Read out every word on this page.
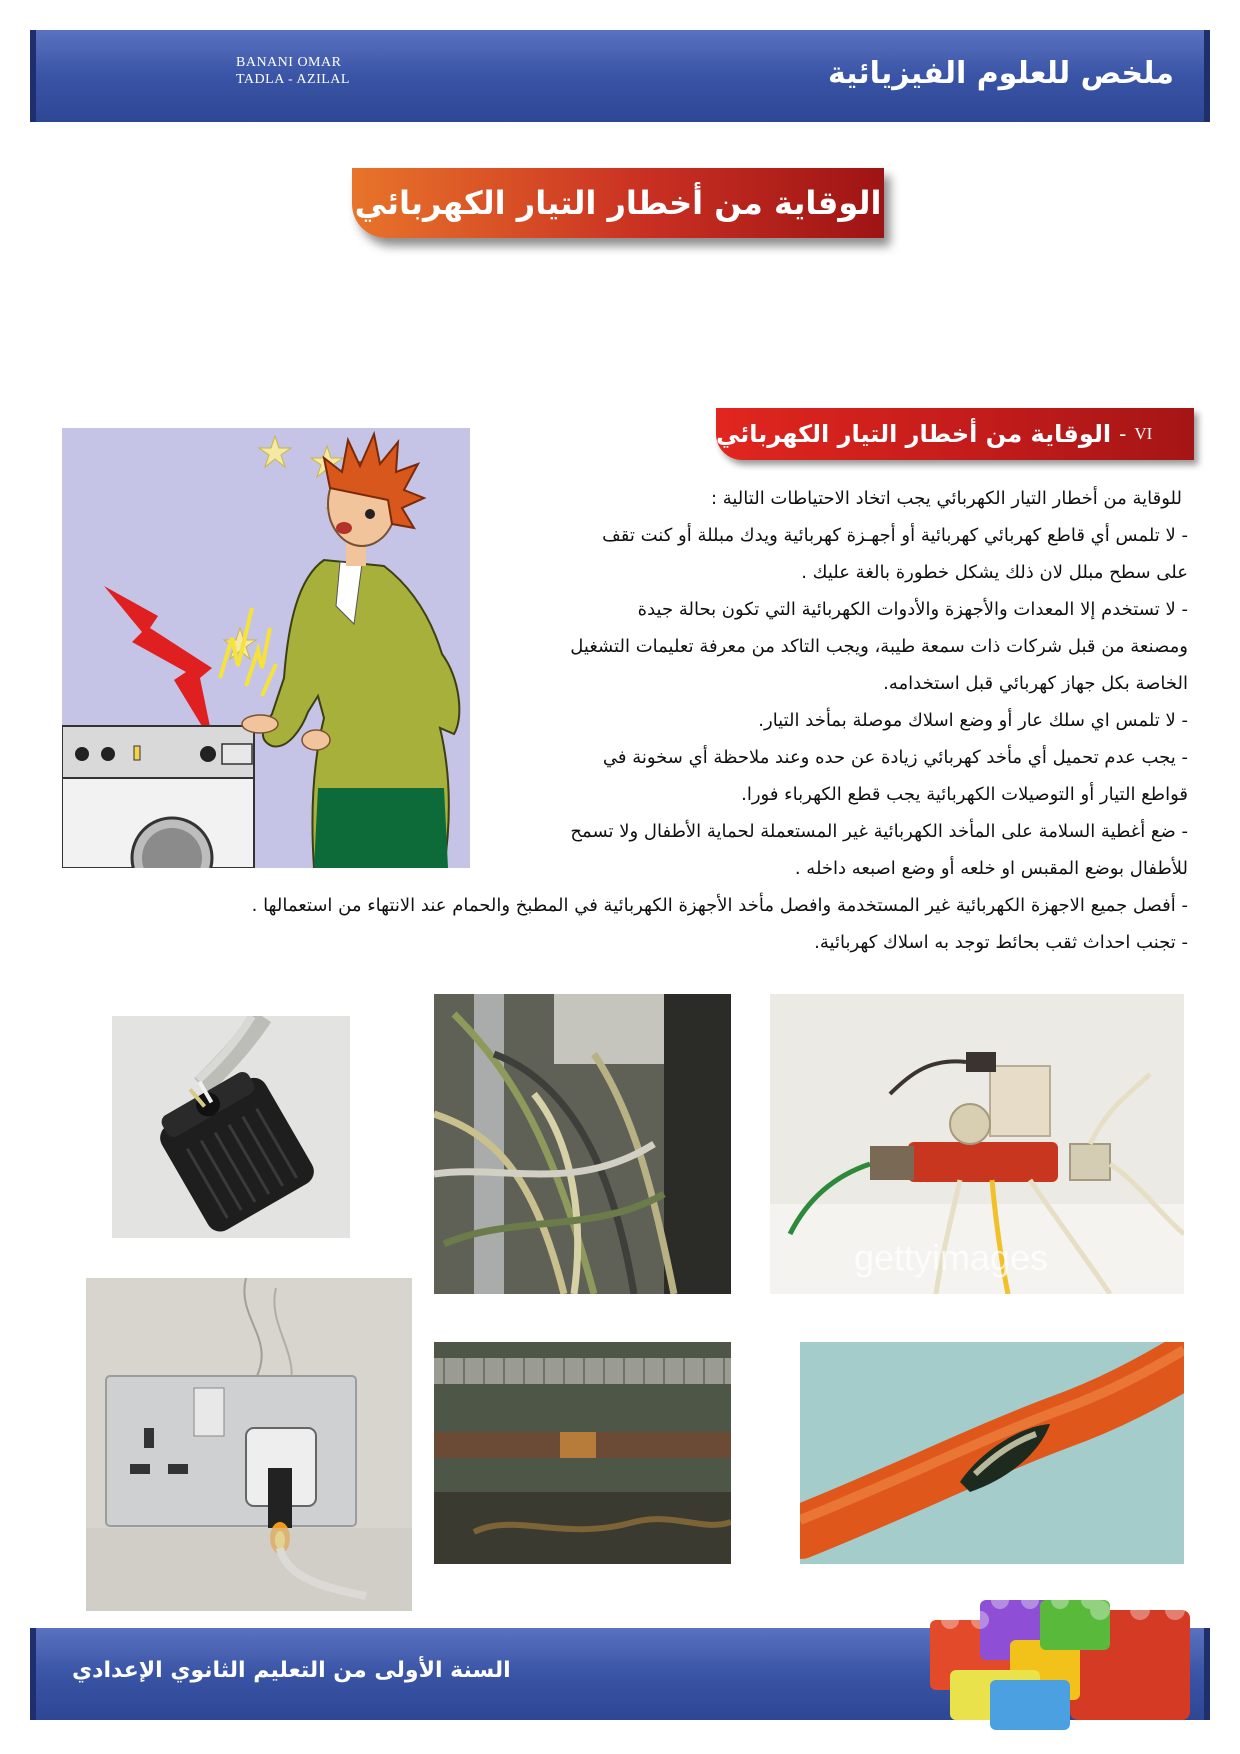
BANANI OMAR
TADLA - AZILAL	ملخص للعلوم الفيزيائية
الوقاية من أخطار التيار الكهربائي
VI
-
الوقاية من أخطار التيار الكهربائي
للوقاية من أخطار التيار الكهربائي يجب اتخاد الاحتياطات التالية :
- لا تلمس أي قاطع كهربائي كهربائية أو أجهـزة كهربائية ويدك مبللة أو كنت تقف
على سطح مبلل لان ذلك يشكل خطورة بالغة عليك .
- لا تستخدم إلا المعدات والأجهزة والأدوات الكهربائية التي تكون بحالة جيدة
ومصنعة من قبل شركات ذات سمعة طيبة، ويجب التاكد من معرفة تعليمات التشغيل
الخاصة بكل جهاز كهربائي قبل استخدامه.
- لا تلمس اي سلك عار أو وضع اسلاك موصلة بمأخد التيار.
- يجب عدم تحميل أي مأخد كهربائي زيادة عن حده وعند ملاحظة أي سخونة في
قواطع التيار أو التوصيلات الكهربائية يجب قطع الكهرباء فورا.
- ضع أغطية السلامة على المأخد الكهربائية غير المستعملة لحماية الأطفال ولا تسمح
للأطفال بوضع المقبس او خلعه أو وضع اصبعه داخله .
- أفصل جميع الاجهزة الكهربائية غير المستخدمة وافصل مأخد الأجهزة الكهربائية في المطبخ والحمام عند الانتهاء من استعمالها .
- تجنب احداث ثقب بحائط توجد به اسلاك كهربائية.
gettyimages
السنة الأولى من التعليم الثانوي الإعدادي
